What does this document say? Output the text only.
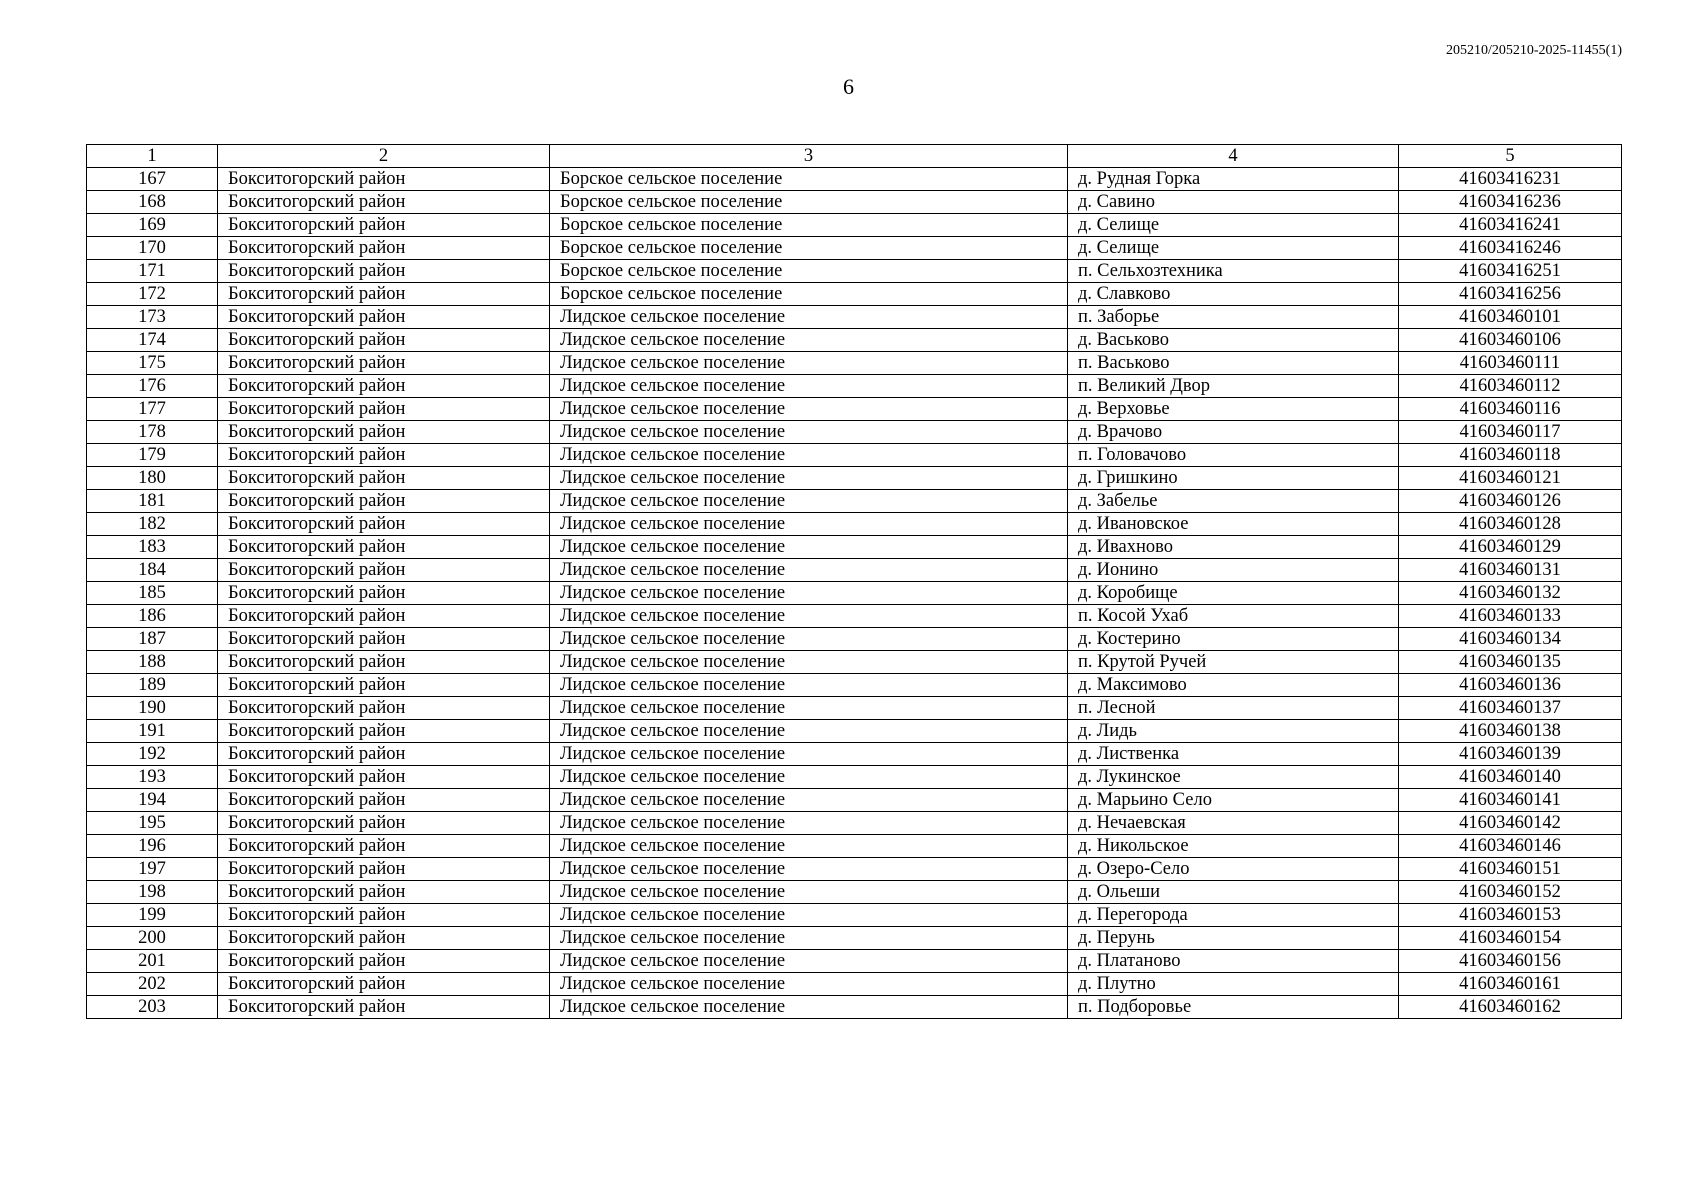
205210/205210-2025-11455(1)
6
1	2	3	4	5
167	Бокситогорский район	Борское сельское поселение	д. Рудная Горка	41603416231
168	Бокситогорский район	Борское сельское поселение	д. Савино	41603416236
169	Бокситогорский район	Борское сельское поселение	д. Селище	41603416241
170	Бокситогорский район	Борское сельское поселение	д. Селище	41603416246
171	Бокситогорский район	Борское сельское поселение	п. Сельхозтехника	41603416251
172	Бокситогорский район	Борское сельское поселение	д. Славково	41603416256
173	Бокситогорский район	Лидское сельское поселение	п. Заборье	41603460101
174	Бокситогорский район	Лидское сельское поселение	д. Васьково	41603460106
175	Бокситогорский район	Лидское сельское поселение	п. Васьково	41603460111
176	Бокситогорский район	Лидское сельское поселение	п. Великий Двор	41603460112
177	Бокситогорский район	Лидское сельское поселение	д. Верховье	41603460116
178	Бокситогорский район	Лидское сельское поселение	д. Врачово	41603460117
179	Бокситогорский район	Лидское сельское поселение	п. Головачово	41603460118
180	Бокситогорский район	Лидское сельское поселение	д. Гришкино	41603460121
181	Бокситогорский район	Лидское сельское поселение	д. Забелье	41603460126
182	Бокситогорский район	Лидское сельское поселение	д. Ивановское	41603460128
183	Бокситогорский район	Лидское сельское поселение	д. Ивахново	41603460129
184	Бокситогорский район	Лидское сельское поселение	д. Ионино	41603460131
185	Бокситогорский район	Лидское сельское поселение	д. Коробище	41603460132
186	Бокситогорский район	Лидское сельское поселение	п. Косой Ухаб	41603460133
187	Бокситогорский район	Лидское сельское поселение	д. Костерино	41603460134
188	Бокситогорский район	Лидское сельское поселение	п. Крутой Ручей	41603460135
189	Бокситогорский район	Лидское сельское поселение	д. Максимово	41603460136
190	Бокситогорский район	Лидское сельское поселение	п. Лесной	41603460137
191	Бокситогорский район	Лидское сельское поселение	д. Лидь	41603460138
192	Бокситогорский район	Лидское сельское поселение	д. Лиственка	41603460139
193	Бокситогорский район	Лидское сельское поселение	д. Лукинское	41603460140
194	Бокситогорский район	Лидское сельское поселение	д. Марьино Село	41603460141
195	Бокситогорский район	Лидское сельское поселение	д. Нечаевская	41603460142
196	Бокситогорский район	Лидское сельское поселение	д. Никольское	41603460146
197	Бокситогорский район	Лидское сельское поселение	д. Озеро-Село	41603460151
198	Бокситогорский район	Лидское сельское поселение	д. Ольеши	41603460152
199	Бокситогорский район	Лидское сельское поселение	д. Перегорода	41603460153
200	Бокситогорский район	Лидское сельское поселение	д. Перунь	41603460154
201	Бокситогорский район	Лидское сельское поселение	д. Платаново	41603460156
202	Бокситогорский район	Лидское сельское поселение	д. Плутно	41603460161
203	Бокситогорский район	Лидское сельское поселение	п. Подборовье	41603460162
